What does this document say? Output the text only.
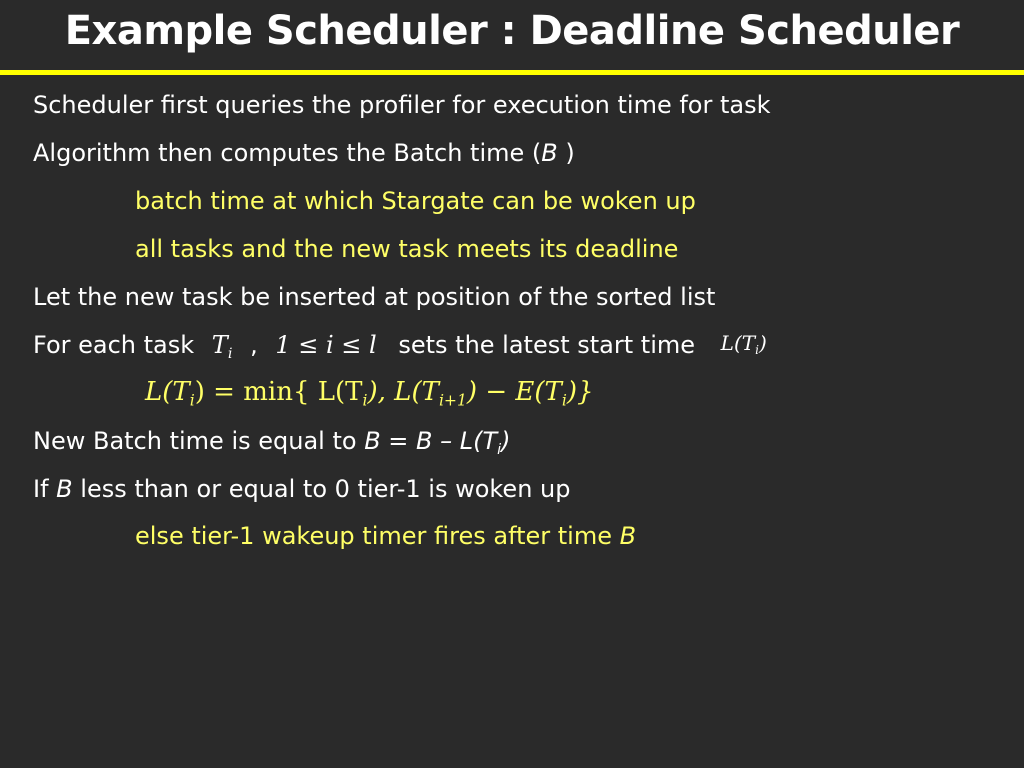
Example Scheduler : Deadline Scheduler
Scheduler first queries the profiler for execution time for task
Algorithm then computes the Batch time (B )
batch time at which Stargate can be woken up
all tasks and the new task meets its deadline
Let the new task be inserted at position of the sorted list
For each task $T_i$ , 1 ≤ i ≤ l sets the latest start time $L(T_i)$
$L(T_i) = \min${ $L(T_i)$, $L(T_{i+1}) - E(T_i)$}
New Batch time is equal to $B = B - L(T_i)$
If B less than or equal to 0 tier-1 is woken up
else tier-1 wakeup timer fires after time B
